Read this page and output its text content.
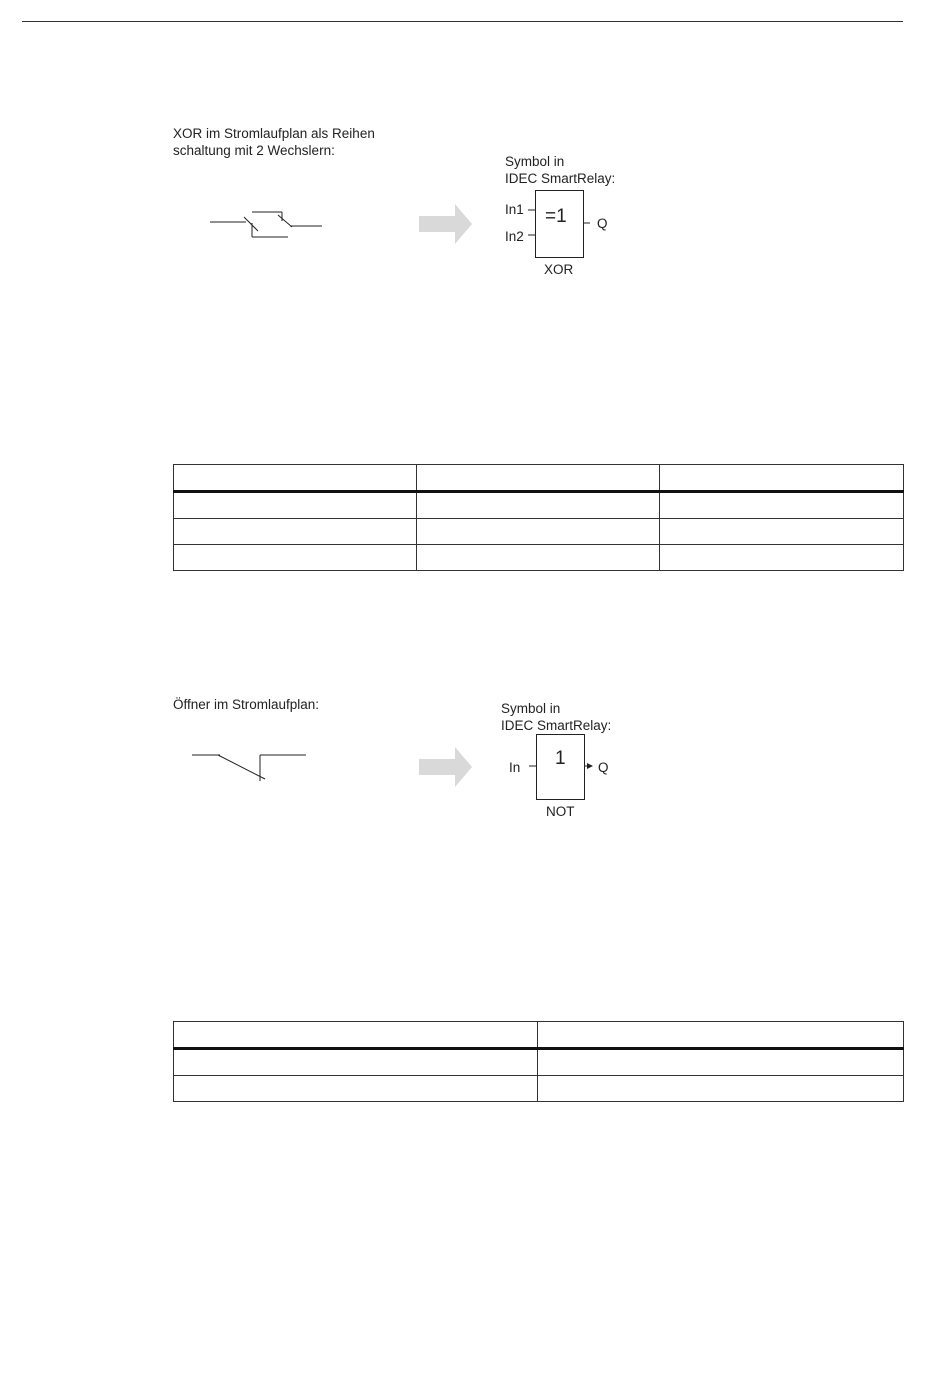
XOR im Stromlaufplan als Reihen
schaltung mit 2 Wechslern:
Symbol in
IDEC SmartRelay:
In1
In2
=1 Q
XOR

Öffner im Stromlaufplan:	Symbol in
IDEC SmartRelay:
In 1 Q
NOT
